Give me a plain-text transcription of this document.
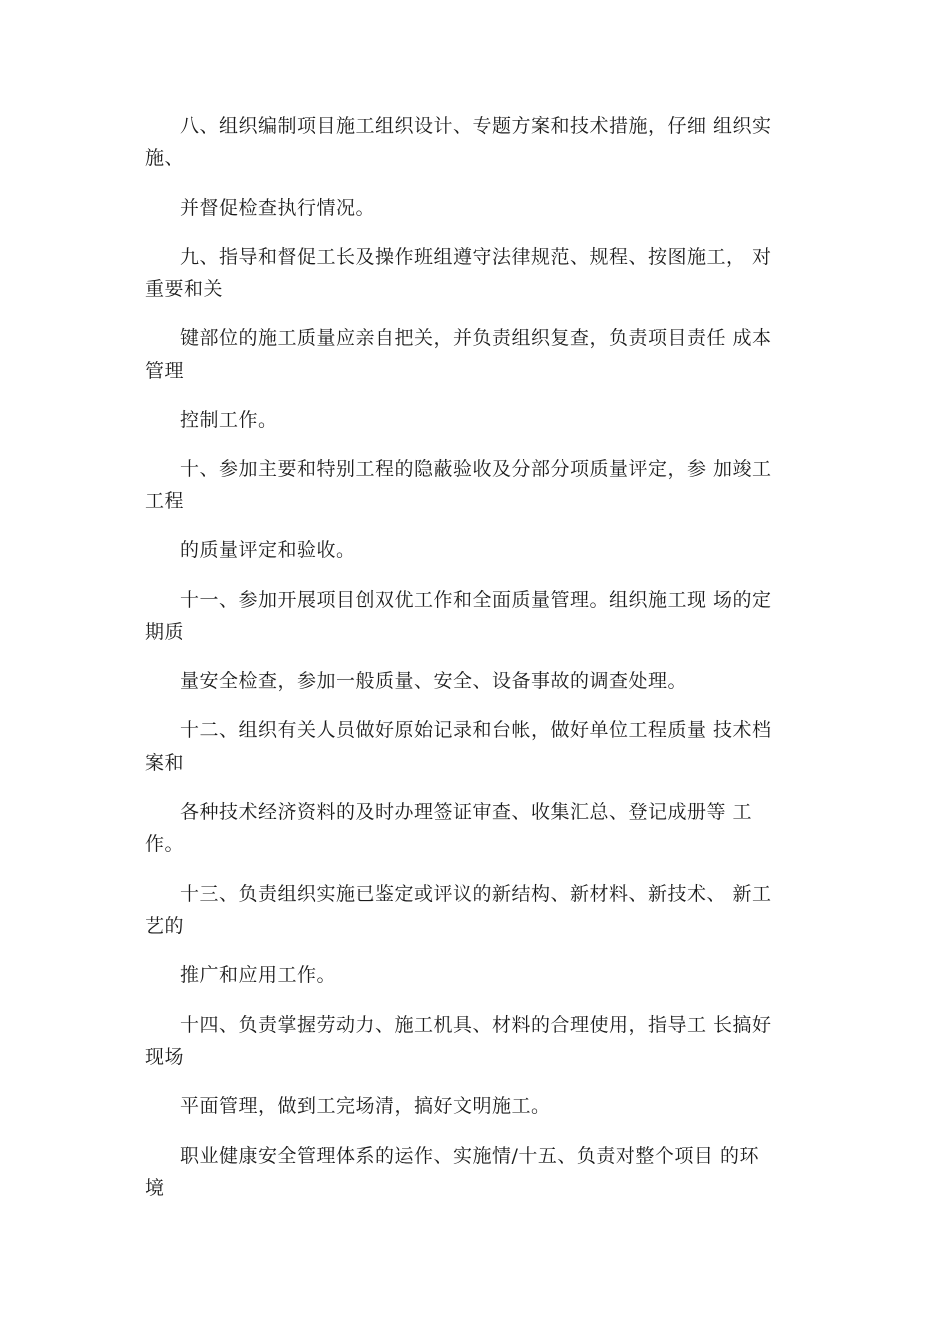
八、组织编制项目施工组织设计、专题方案和技术措施，仔细 组织实
施、
并督促检查执行情况。
九、指导和督促工长及操作班组遵守法律规范、规程、按图施工， 对
重要和关
键部位的施工质量应亲自把关，并负责组织复查，负责项目责任 成本
管理
控制工作。
十、参加主要和特别工程的隐蔽验收及分部分项质量评定，参 加竣工
工程
的质量评定和验收。
十一、参加开展项目创双优工作和全面质量管理。组织施工现 场的定
期质
量安全检查，参加一般质量、安全、设备事故的调查处理。
十二、组织有关人员做好原始记录和台帐，做好单位工程质量 技术档
案和
各种技术经济资料的及时办理签证审查、收集汇总、登记成册等 工
作。
十三、负责组织实施已鉴定或评议的新结构、新材料、新技术、 新工
艺的
推广和应用工作。
十四、负责掌握劳动力、施工机具、材料的合理使用，指导工 长搞好
现场
平面管理，做到工完场清，搞好文明施工。
职业健康安全管理体系的运作、实施情/十五、负责对整个项目 的环
境
